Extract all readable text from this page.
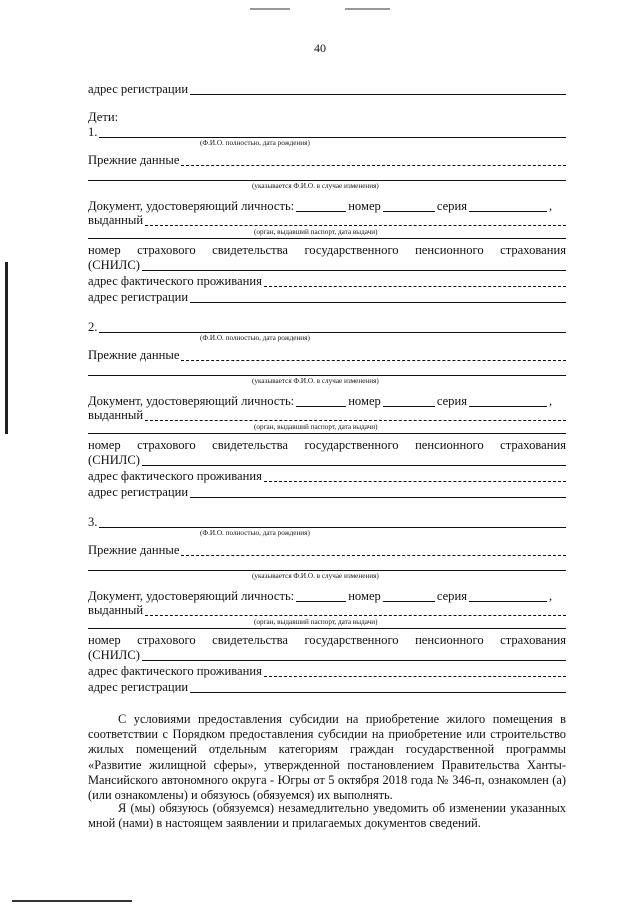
40
адрес регистрации
Дети:
1.
(Ф.И.О. полностью, дата рождения)
Прежние данные
(указывается Ф.И.О. в случае изменения)
Документ, удостоверяющий личность:	номер	серия	,
выданный
(орган, выдавший паспорт, дата выдачи)
номер страхового свидетельства государственного пенсионного страхования
(СНИЛС)
адрес фактического проживания
адрес регистрации
2.
(Ф.И.О. полностью, дата рождения)
Прежние данные
(указывается Ф.И.О. в случае изменения)
Документ, удостоверяющий личность:	номер	серия	,
выданный
(орган, выдавший паспорт, дата выдачи)
номер страхового свидетельства государственного пенсионного страхования
(СНИЛС)
адрес фактического проживания
адрес регистрации
3.
(Ф.И.О. полностью, дата рождения)
Прежние данные
(указывается Ф.И.О. в случае изменения)
Документ, удостоверяющий личность:	номер	серия	,
выданный
(орган, выдавший паспорт, дата выдачи)
номер страхового свидетельства государственного пенсионного страхования
(СНИЛС)
адрес фактического проживания
адрес регистрации
С условиями предоставления субсидии на приобретение жилого помещения в соответствии с Порядком предоставления субсидии на приобретение или строительство жилых помещений отдельным категориям граждан государственной программы «Развитие жилищной сферы», утвержденной постановлением Правительства Ханты-Мансийского автономного округа - Югры от 5 октября 2018 года № 346-п, ознакомлен (а) (или ознакомлены) и обязуюсь (обязуемся) их выполнять.
Я (мы) обязуюсь (обязуемся) незамедлительно уведомить об изменении указанных мной (нами) в настоящем заявлении и прилагаемых документов сведений.
